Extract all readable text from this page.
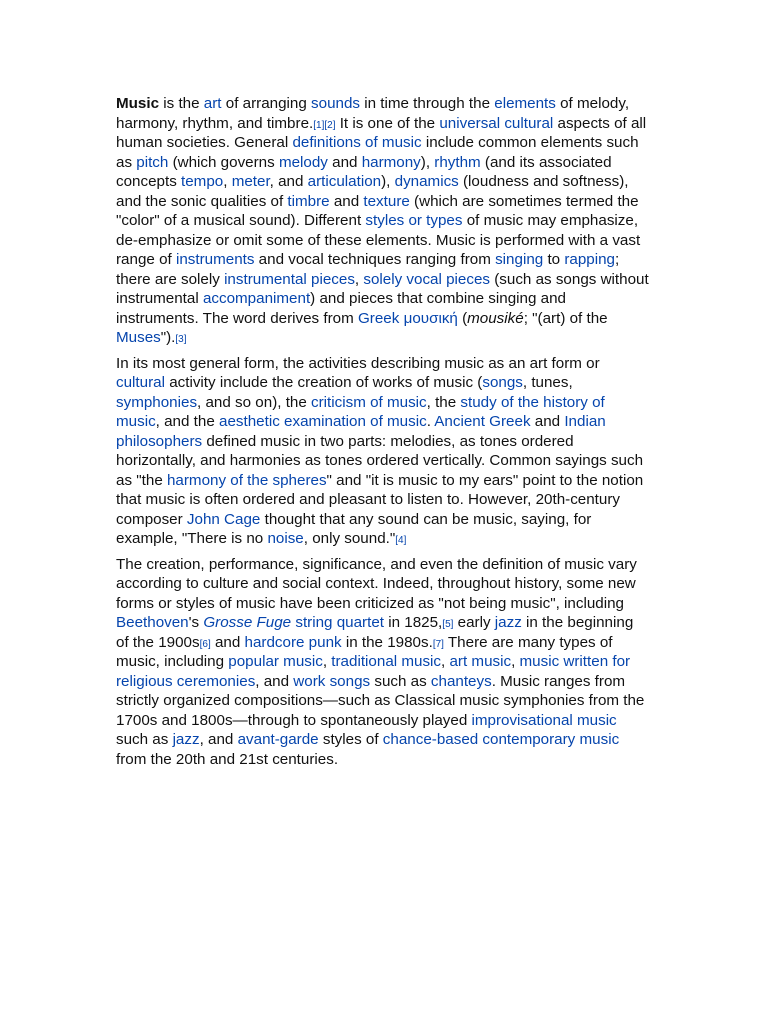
Music is the art of arranging sounds in time through the elements of melody, harmony, rhythm, and timbre.[1][2] It is one of the universal cultural aspects of all human societies. General definitions of music include common elements such as pitch (which governs melody and harmony), rhythm (and its associated concepts tempo, meter, and articulation), dynamics (loudness and softness), and the sonic qualities of timbre and texture (which are sometimes termed the "color" of a musical sound). Different styles or types of music may emphasize, de-emphasize or omit some of these elements. Music is performed with a vast range of instruments and vocal techniques ranging from singing to rapping; there are solely instrumental pieces, solely vocal pieces (such as songs without instrumental accompaniment) and pieces that combine singing and instruments. The word derives from Greek μουσική (mousiké; "(art) of the Muses").[3]

In its most general form, the activities describing music as an art form or cultural activity include the creation of works of music (songs, tunes, symphonies, and so on), the criticism of music, the study of the history of music, and the aesthetic examination of music. Ancient Greek and Indian philosophers defined music in two parts: melodies, as tones ordered horizontally, and harmonies as tones ordered vertically. Common sayings such as "the harmony of the spheres" and "it is music to my ears" point to the notion that music is often ordered and pleasant to listen to. However, 20th-century composer John Cage thought that any sound can be music, saying, for example, "There is no noise, only sound."[4]

The creation, performance, significance, and even the definition of music vary according to culture and social context. Indeed, throughout history, some new forms or styles of music have been criticized as "not being music", including Beethoven's Grosse Fuge string quartet in 1825,[5] early jazz in the beginning of the 1900s[6] and hardcore punk in the 1980s.[7] There are many types of music, including popular music, traditional music, art music, music written for religious ceremonies, and work songs such as chanteys. Music ranges from strictly organized compositions—such as Classical music symphonies from the 1700s and 1800s—through to spontaneously played improvisational music such as jazz, and avant-garde styles of chance-based contemporary music from the 20th and 21st centuries.
